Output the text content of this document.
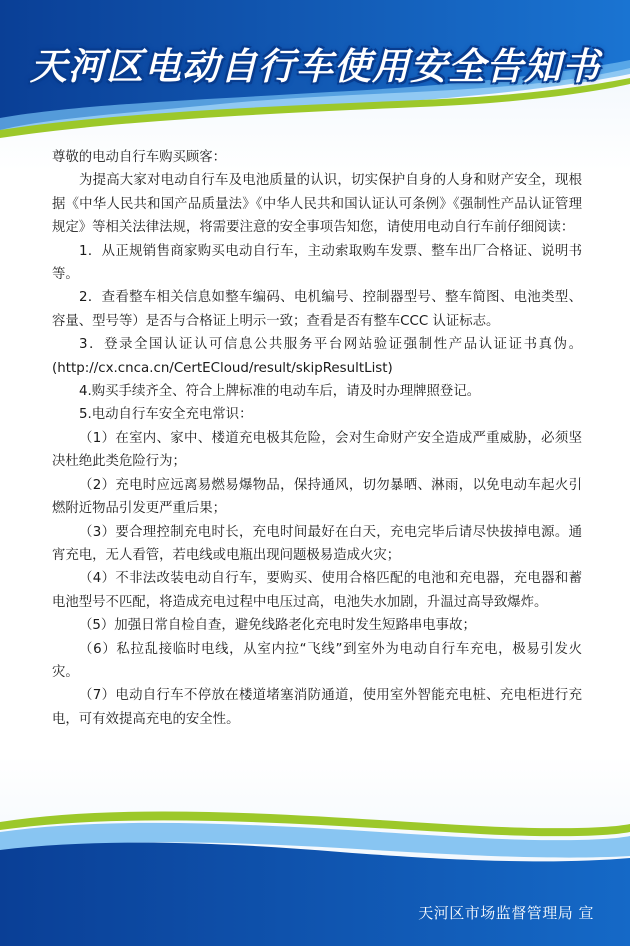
天河区电动自行车使用安全告知书

尊敬的电动自行车购买顾客：

为提高大家对电动自行车及电池质量的认识，切实保护自身的人身和财产安全，现根据《中华人民共和国产品质量法》《中华人民共和国认证认可条例》《强制性产品认证管理规定》等相关法律法规，将需要注意的安全事项告知您，请使用电动自行车前仔细阅读：

1．从正规销售商家购买电动自行车，主动索取购车发票、整车出厂合格证、说明书等。

2．查看整车相关信息如整车编码、电机编号、控制器型号、整车简图、电池类型、容量、型号等）是否与合格证上明示一致；查看是否有整车CCC 认证标志。

3．登录全国认证认可信息公共服务平台网站验证强制性产品认证证书真伪。(http://cx.cnca.cn/CertECloud/result/skipResultList)

4.购买手续齐全、符合上牌标准的电动车后，请及时办理牌照登记。

5.电动自行车安全充电常识：

（1）在室内、家中、楼道充电极其危险，会对生命财产安全造成严重威胁，必须坚决杜绝此类危险行为；

（2）充电时应远离易燃易爆物品，保持通风，切勿暴晒、淋雨，以免电动车起火引燃附近物品引发更严重后果；

（3）要合理控制充电时长，充电时间最好在白天，充电完毕后请尽快拔掉电源。通宵充电，无人看管，若电线或电瓶出现问题极易造成火灾；

（4）不非法改装电动自行车，要购买、使用合格匹配的电池和充电器，充电器和蓄电池型号不匹配，将造成充电过程中电压过高，电池失水加剧，升温过高导致爆炸。

（5）加强日常自检自查，避免线路老化充电时发生短路串电事故；

（6）私拉乱接临时电线，从室内拉“飞线”到室外为电动自行车充电，极易引发火灾。

（7）电动自行车不停放在楼道堵塞消防通道，使用室外智能充电桩、充电柜进行充电，可有效提高充电的安全性。

天河区市场监督管理局 宣
